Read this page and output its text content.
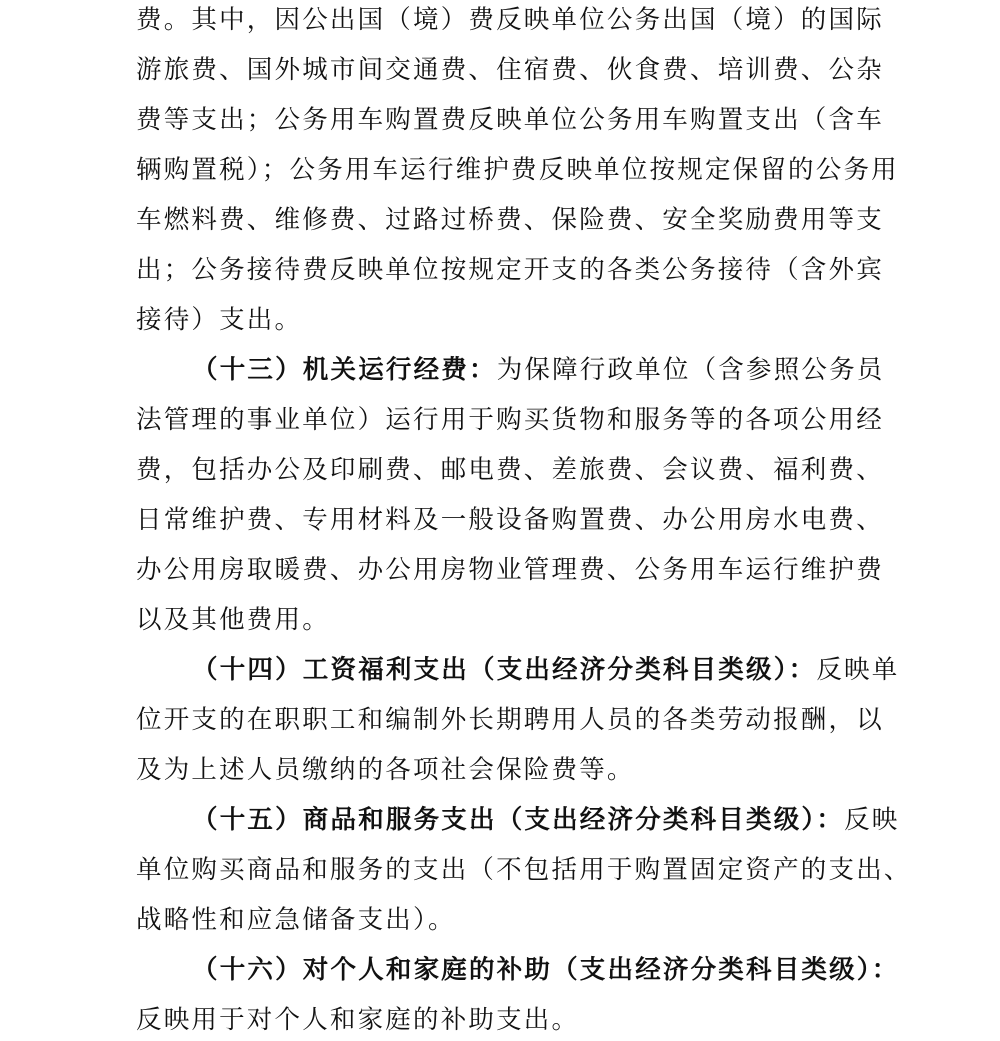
费。其中，因公出国（境）费反映单位公务出国（境）的国际
游旅费、国外城市间交通费、住宿费、伙食费、培训费、公杂
费等支出；公务用车购置费反映单位公务用车购置支出（含车
辆购置税）；公务用车运行维护费反映单位按规定保留的公务用
车燃料费、维修费、过路过桥费、保险费、安全奖励费用等支
出；公务接待费反映单位按规定开支的各类公务接待（含外宾
接待）支出。
（十三）机关运行经费：为保障行政单位（含参照公务员
法管理的事业单位）运行用于购买货物和服务等的各项公用经
费，包括办公及印刷费、邮电费、差旅费、会议费、福利费、
日常维护费、专用材料及一般设备购置费、办公用房水电费、
办公用房取暖费、办公用房物业管理费、公务用车运行维护费
以及其他费用。
（十四）工资福利支出（支出经济分类科目类级）：反映单
位开支的在职职工和编制外长期聘用人员的各类劳动报酬，以
及为上述人员缴纳的各项社会保险费等。
（十五）商品和服务支出（支出经济分类科目类级）：反映
单位购买商品和服务的支出（不包括用于购置固定资产的支出、
战略性和应急储备支出）。
（十六）对个人和家庭的补助（支出经济分类科目类级）：
反映用于对个人和家庭的补助支出。
